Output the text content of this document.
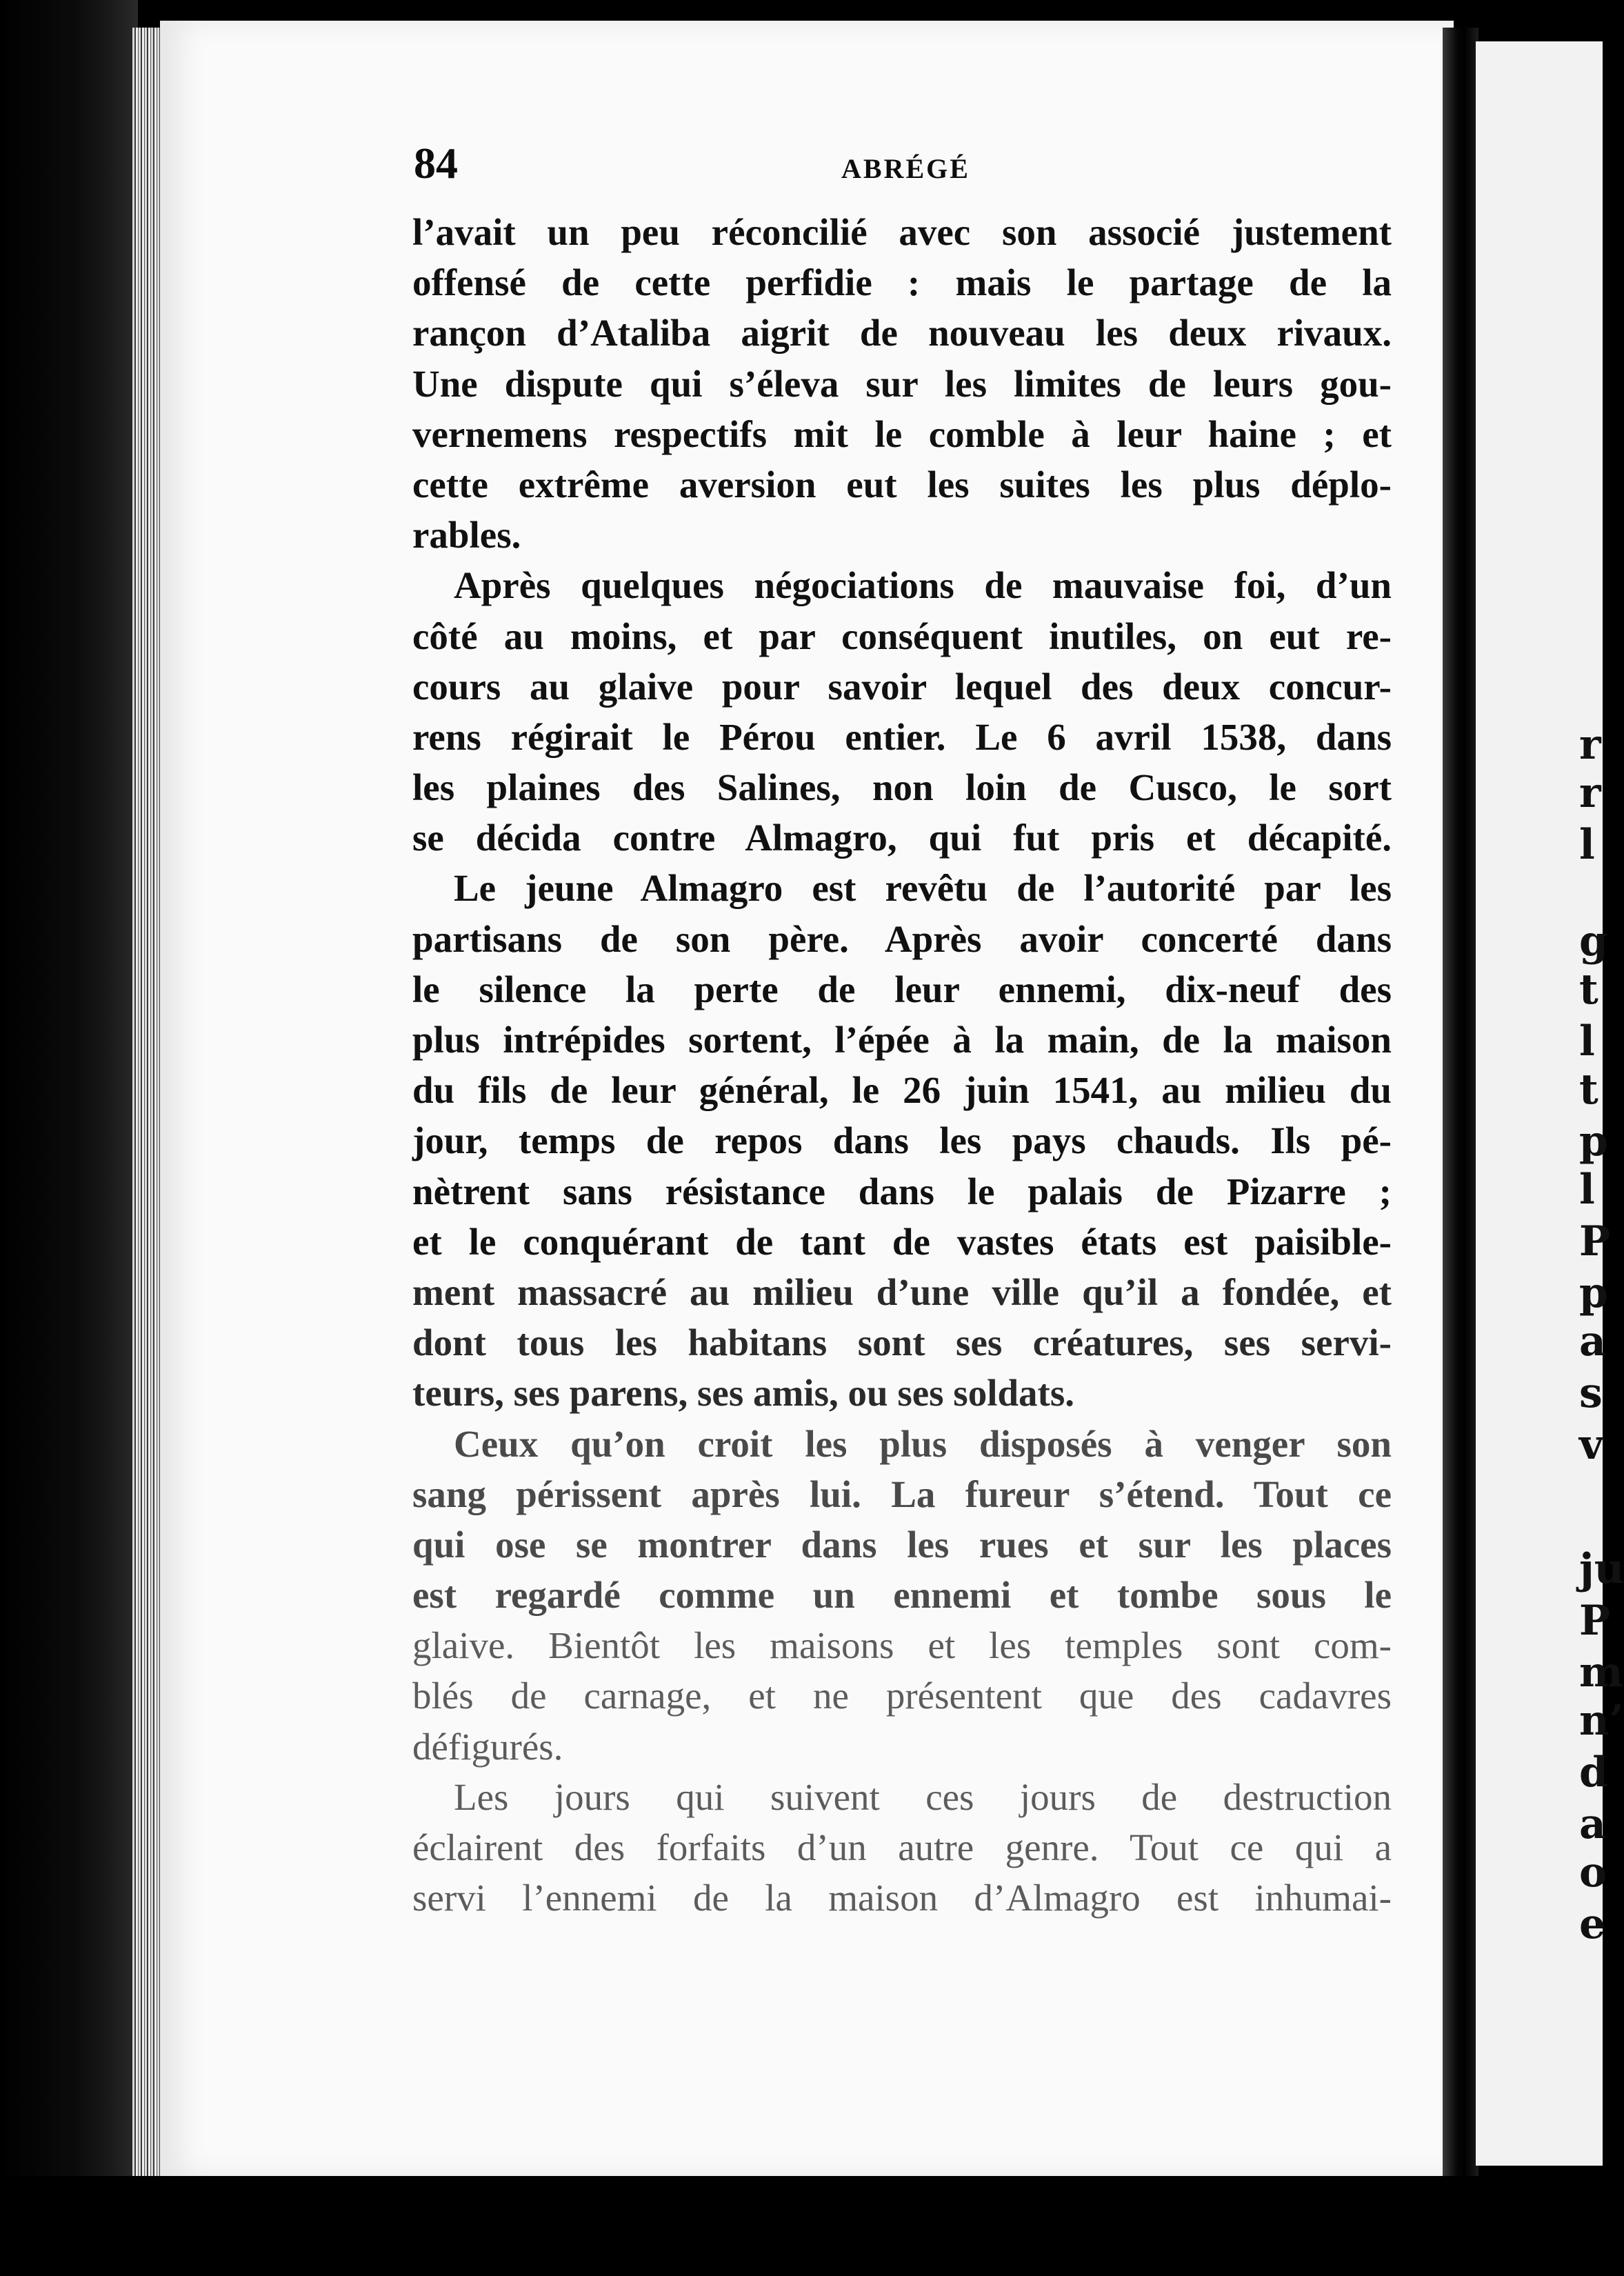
r
r
l
g
t
l
t
p
l
P
p
a
s
v
ju
P
m
n’
d
a
o
e
84	ABRÉGÉ
l’avait un peu réconcilié avec son associé justement
offensé de cette perfidie : mais le partage de la
rançon d’Ataliba aigrit de nouveau les deux rivaux.
Une dispute qui s’éleva sur les limites de leurs gou-
vernemens respectifs mit le comble à leur haine ; et
cette extrême aversion eut les suites les plus déplo-
rables.
Après quelques négociations de mauvaise foi, d’un
côté au moins, et par conséquent inutiles, on eut re-
cours au glaive pour savoir lequel des deux concur-
rens régirait le Pérou entier. Le 6 avril 1538, dans
les plaines des Salines, non loin de Cusco, le sort
se décida contre Almagro, qui fut pris et décapité.
Le jeune Almagro est revêtu de l’autorité par les
partisans de son père. Après avoir concerté dans
le silence la perte de leur ennemi, dix-neuf des
plus intrépides sortent, l’épée à la main, de la maison
du fils de leur général, le 26 juin 1541, au milieu du
jour, temps de repos dans les pays chauds. Ils pé-
nètrent sans résistance dans le palais de Pizarre ;
et le conquérant de tant de vastes états est paisible-
ment massacré au milieu d’une ville qu’il a fondée, et
dont tous les habitans sont ses créatures, ses servi-
teurs, ses parens, ses amis, ou ses soldats.
Ceux qu’on croit les plus disposés à venger son
sang périssent après lui. La fureur s’étend. Tout ce
qui ose se montrer dans les rues et sur les places
est regardé comme un ennemi et tombe sous le
glaive. Bientôt les maisons et les temples sont com-
blés de carnage, et ne présentent que des cadavres
défigurés.
Les jours qui suivent ces jours de destruction
éclairent des forfaits d’un autre genre. Tout ce qui a
servi l’ennemi de la maison d’Almagro est inhumai-
